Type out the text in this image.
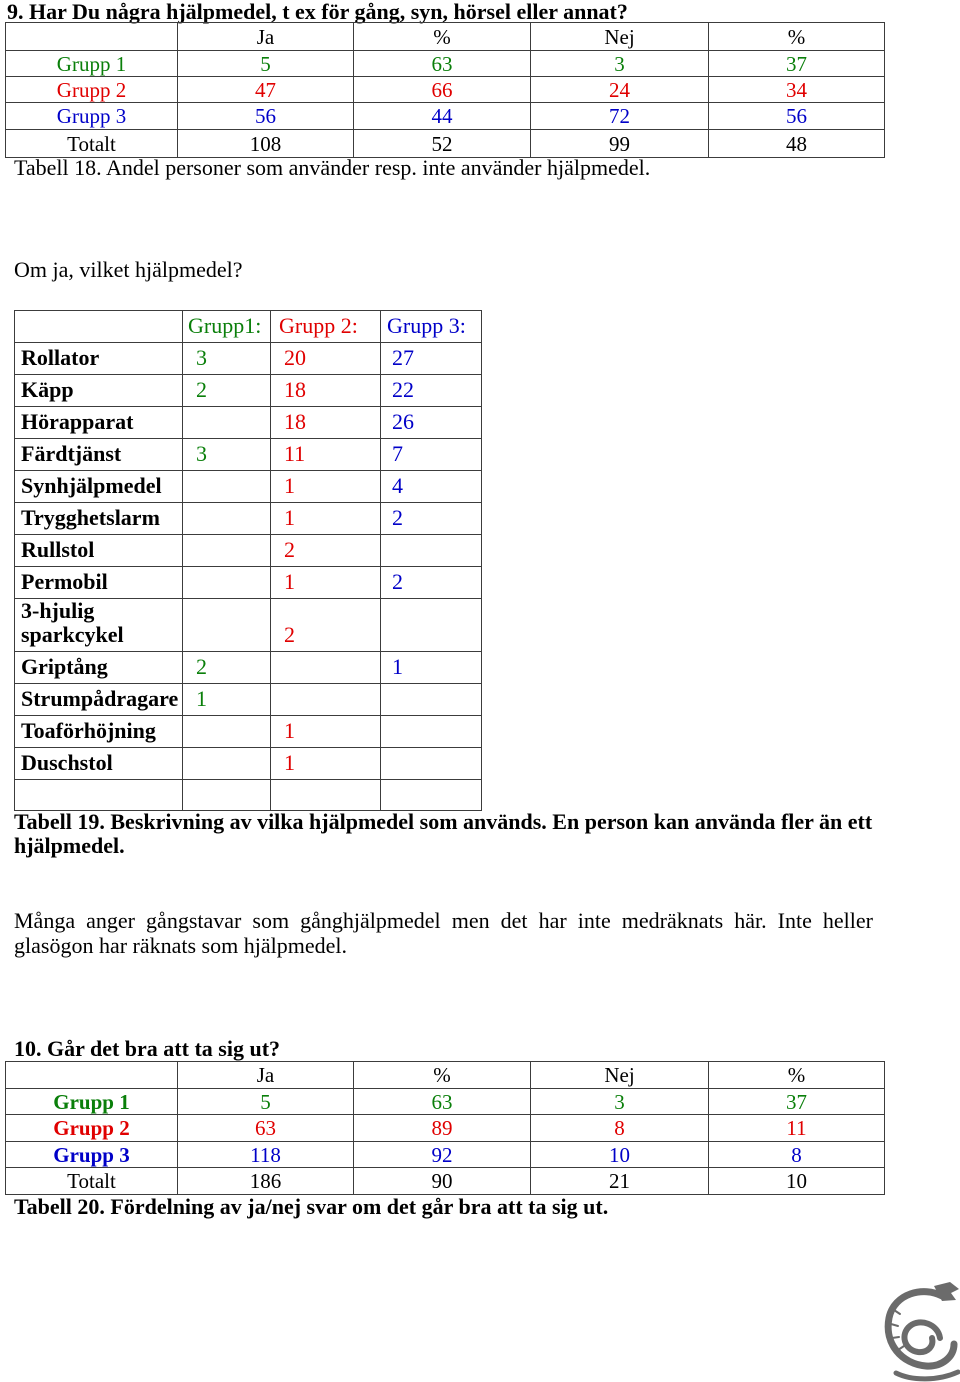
9. Har Du några hjälpmedel, t ex för gång, syn, hörsel eller annat?
	Ja	%	Nej	%
Grupp 1	5	63	3	37
Grupp 2	47	66	24	34
Grupp 3	56	44	72	56
Totalt	108	52	99	48
Tabell 18. Andel personer som använder resp. inte använder hjälpmedel.
Om ja, vilket hjälpmedel?
	Grupp1:	Grupp 2:	Grupp 3:
Rollator	3	20	27
Käpp	2	18	22
Hörapparat		18	26
Färdtjänst	3	11	7
Synhjälpmedel		1	4
Trygghetslarm		1	2
Rullstol		2	
Permobil		1	2
3-hjulig sparkcykel		2	
Griptång	2		1
Strumpådragare	1		
Toaförhöjning		1	
Duschstol		1	

Tabell 19. Beskrivning av vilka hjälpmedel som används. En person kan använda fler än ett hjälpmedel.
Många anger gångstavar som gånghjälpmedel men det har inte medräknats här. Inte heller glasögon har räknats som hjälpmedel.
10. Går det bra att ta sig ut?
	Ja	%	Nej	%
Grupp 1	5	63	3	37
Grupp 2	63	89	8	11
Grupp 3	118	92	10	8
Totalt	186	90	21	10
Tabell 20. Fördelning av ja/nej svar om det går bra att ta sig ut.
